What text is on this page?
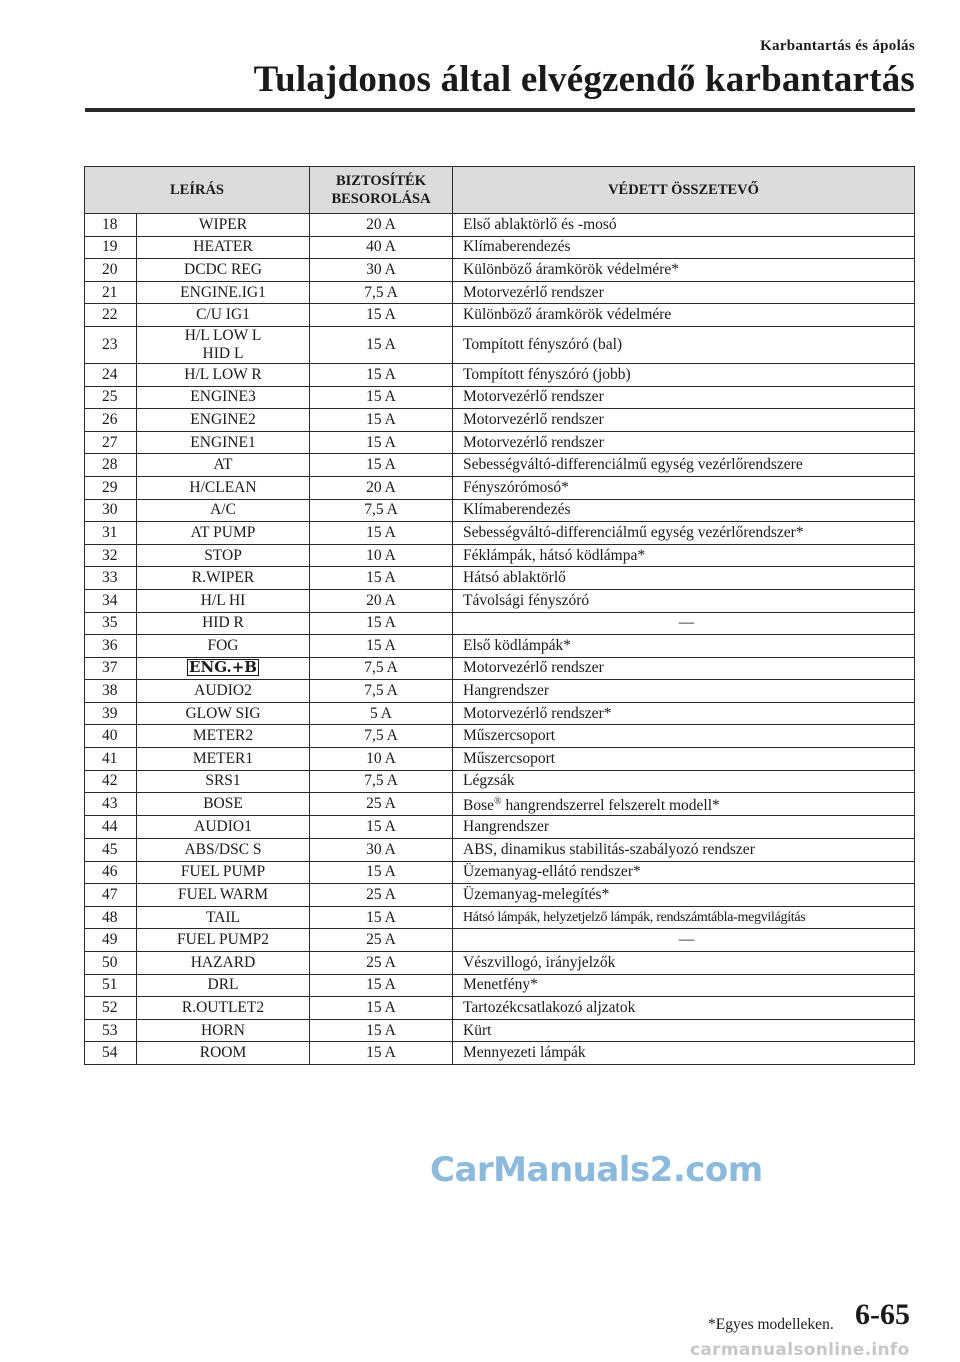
Karbantartás és ápolás
Tulajdonos által elvégzendő karbantartás
LEÍRÁS		BIZTOSÍTÉK
BESOROLÁSA	VÉDETT ÖSSZETEVŐ
18	WIPER	20 A	Első ablaktörlő és -mosó
19	HEATER	40 A	Klímaberendezés
20	DCDC REG	30 A	Különböző áramkörök védelmére*
21	ENGINE.IG1	7,5 A	Motorvezérlő rendszer
22	C/U IG1	15 A	Különböző áramkörök védelmére
23	H/L LOW L
HID L	15 A	Tompított fényszóró (bal)
24	H/L LOW R	15 A	Tompított fényszóró (jobb)
25	ENGINE3	15 A	Motorvezérlő rendszer
26	ENGINE2	15 A	Motorvezérlő rendszer
27	ENGINE1	15 A	Motorvezérlő rendszer
28	AT	15 A	Sebességváltó-differenciálmű egység vezérlőrendszere
29	H/CLEAN	20 A	Fényszórómosó*
30	A/C	7,5 A	Klímaberendezés
31	AT PUMP	15 A	Sebességváltó-differenciálmű egység vezérlőrendszer*
32	STOP	10 A	Féklámpák, hátsó ködlámpa*
33	R.WIPER	15 A	Hátsó ablaktörlő
34	H/L HI	20 A	Távolsági fényszóró
35	HID R	15 A	—
36	FOG	15 A	Első ködlámpák*
37	ENG.+B	7,5 A	Motorvezérlő rendszer
38	AUDIO2	7,5 A	Hangrendszer
39	GLOW SIG	5 A	Motorvezérlő rendszer*
40	METER2	7,5 A	Műszercsoport
41	METER1	10 A	Műszercsoport
42	SRS1	7,5 A	Légzsák
43	BOSE	25 A	Bose® hangrendszerrel felszerelt modell*
44	AUDIO1	15 A	Hangrendszer
45	ABS/DSC S	30 A	ABS, dinamikus stabilitás-szabályozó rendszer
46	FUEL PUMP	15 A	Üzemanyag-ellátó rendszer*
47	FUEL WARM	25 A	Üzemanyag-melegítés*
48	TAIL	15 A	Hátsó lámpák, helyzetjelző lámpák, rendszámtábla-megvilágítás
49	FUEL PUMP2	25 A	—
50	HAZARD	25 A	Vészvillogó, irányjelzők
51	DRL	15 A	Menetfény*
52	R.OUTLET2	15 A	Tartozékcsatlakozó aljzatok
53	HORN	15 A	Kürt
54	ROOM	15 A	Mennyezeti lámpák
CarManuals2.com
*Egyes modelleken. 6-65
carmanualsonline.info
